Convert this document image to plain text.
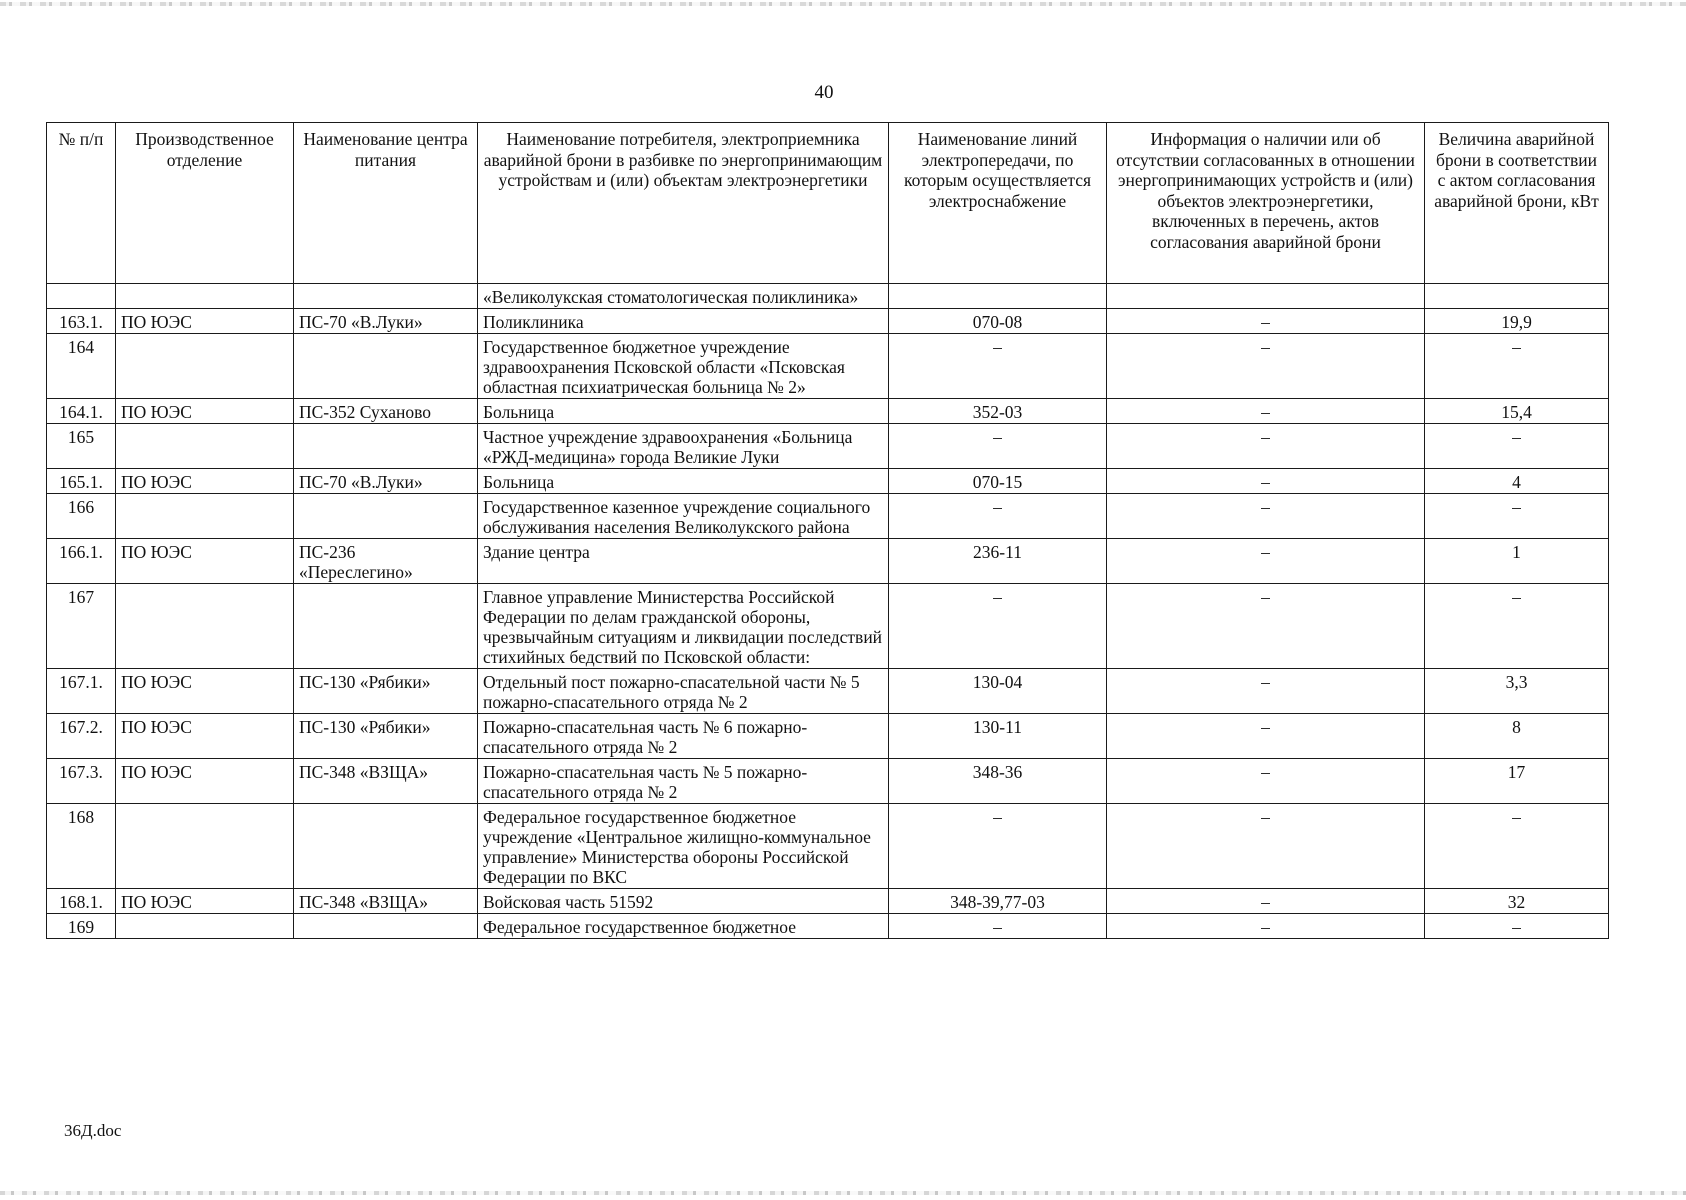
40
№ п/п	Производственное отделение	Наименование центра питания	Наименование потребителя, электроприемника аварийной брони в разбивке по энергопринимающим устройствам и (или) объектам электроэнергетики	Наименование линий электропередачи, по которым осуществляется электроснабжение	Информация о наличии или об отсутствии согласованных в отношении энергопринимающих устройств и (или) объектов электроэнергетики, включенных в перечень, актов согласования аварийной брони	Величина аварийной брони в соответствии с актом согласования аварийной брони, кВт
			«Великолукская стоматологическая поликлиника»			
163.1.	ПО ЮЭС	ПС-70 «В.Луки»	Поликлиника	070-08	–	19,9
164			Государственное бюджетное учреждение здравоохранения Псковской области «Псковская областная психиатрическая больница № 2»	–	–	–
164.1.	ПО ЮЭС	ПС-352 Суханово	Больница	352-03	–	15,4
165			Частное учреждение здравоохранения «Больница «РЖД-медицина» города Великие Луки	–	–	–
165.1.	ПО ЮЭС	ПС-70 «В.Луки»	Больница	070-15	–	4
166			Государственное казенное учреждение социального обслуживания населения Великолукского района	–	–	–
166.1.	ПО ЮЭС	ПС-236 «Переслегино»	Здание центра	236-11	–	1
167			Главное управление Министерства Российской Федерации по делам гражданской обороны, чрезвычайным ситуациям и ликвидации последствий стихийных бедствий по Псковской области:	–	–	–
167.1.	ПО ЮЭС	ПС-130 «Рябики»	Отдельный пост пожарно-спасательной части № 5 пожарно-спасательного отряда № 2	130-04	–	3,3
167.2.	ПО ЮЭС	ПС-130 «Рябики»	Пожарно-спасательная часть № 6 пожарно-спасательного отряда № 2	130-11	–	8
167.3.	ПО ЮЭС	ПС-348 «ВЗЩА»	Пожарно-спасательная часть № 5 пожарно-спасательного отряда № 2	348-36	–	17
168			Федеральное государственное бюджетное учреждение «Центральное жилищно-коммунальное управление» Министерства обороны Российской Федерации по ВКС	–	–	–
168.1.	ПО ЮЭС	ПС-348 «ВЗЩА»	Войсковая часть 51592	348-39,77-03	–	32
169			Федеральное государственное бюджетное	–	–	–
36Д.doc
